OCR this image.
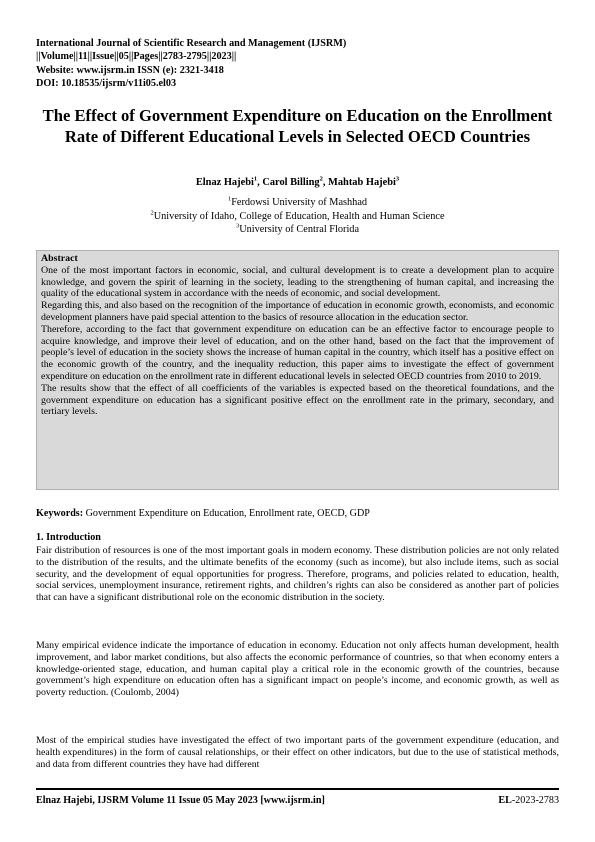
International Journal of Scientific Research and Management (IJSRM)
||Volume||11||Issue||05||Pages||2783-2795||2023||
Website: www.ijsrm.in ISSN (e): 2321-3418
DOI: 10.18535/ijsrm/v11i05.el03
The Effect of Government Expenditure on Education on the Enrollment Rate of Different Educational Levels in Selected OECD Countries
Elnaz Hajebi$^1$, Carol Billing$^2$, Mahtab Hajebi$^3$
$^1$Ferdowsi University of Mashhad
$^2$University of Idaho, College of Education, Health and Human Science
$^3$University of Central Florida
Abstract

One of the most important factors in economic, social, and cultural development is to create a development plan to acquire knowledge, and govern the spirit of learning in the society, leading to the strengthening of human capital, and increasing the quality of the educational system in accordance with the needs of economic, and social development.

Regarding this, and also based on the recognition of the importance of education in economic growth, economists, and economic development planners have paid special attention to the basics of resource allocation in the education sector.

Therefore, according to the fact that government expenditure on education can be an effective factor to encourage people to acquire knowledge, and improve their level of education, and on the other hand, based on the fact that the improvement of people’s level of education in the society shows the increase of human capital in the country, which itself has a positive effect on the economic growth of the country, and the inequality reduction, this paper aims to investigate the effect of government expenditure on education on the enrollment rate in different educational levels in selected OECD countries from 2010 to 2019.

The results show that the effect of all coefficients of the variables is expected based on the theoretical foundations, and the government expenditure on education has a significant positive effect on the enrollment rate in the primary, secondary, and tertiary levels.

Keywords: Government Expenditure on Education, Enrollment rate, OECD, GDP
1. Introduction

Fair distribution of resources is one of the most important goals in modern economy. These distribution policies are not only related to the distribution of the results, and the ultimate benefits of the economy (such as income), but also include items, such as social security, and the development of equal opportunities for progress. Therefore, programs, and policies related to education, health, social services, unemployment insurance, retirement rights, and children’s rights can also be considered as another part of policies that can have a significant distributional role on the economic distribution in the society.

Many empirical evidence indicate the importance of education in economy. Education not only affects human development, health improvement, and labor market conditions, but also affects the economic performance of countries, so that when economy enters a knowledge-oriented stage, education, and human capital play a critical role in the economic growth of the countries, because government’s high expenditure on education often has a significant impact on people’s income, and economic growth, as well as poverty reduction. (Coulomb, 2004)

Most of the empirical studies have investigated the effect of two important parts of the government expenditure (education, and health expenditures) in the form of causal relationships, or their effect on other indicators, but due to the use of statistical methods, and data from different countries they have had different

Elnaz Hajebi, IJSRM Volume 11 Issue 05 May 2023 [www.ijsrm.in]	EL-2023-2783
